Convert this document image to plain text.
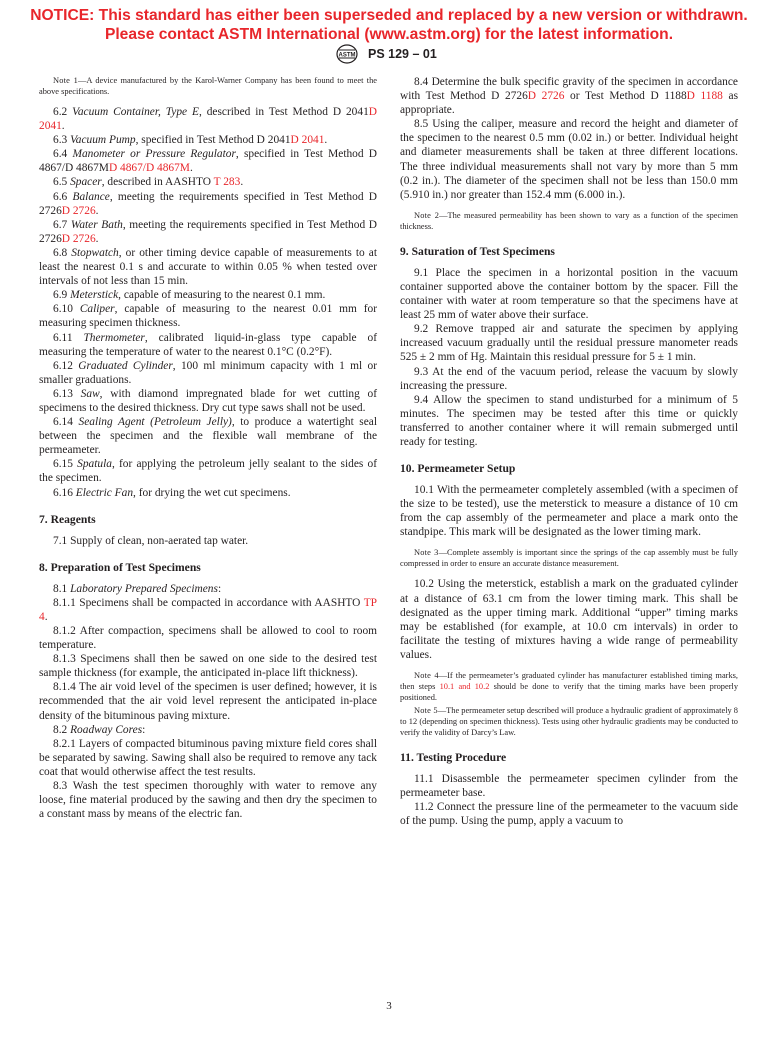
NOTICE: This standard has either been superseded and replaced by a new version or withdrawn.
Please contact ASTM International (www.astm.org) for the latest information.
ASTM PS 129 – 01

Note 1—A device manufactured by the Karol-Warner Company has been found to meet the above specifications.

6.2 Vacuum Container, Type E, described in Test Method D 2041D 2041.

6.3 Vacuum Pump, specified in Test Method D 2041D 2041.

6.4 Manometer or Pressure Regulator, specified in Test Method D 4867/D 4867MD 4867/D 4867M.

6.5 Spacer, described in AASHTO T 283.

6.6 Balance, meeting the requirements specified in Test Method D 2726D 2726.

6.7 Water Bath, meeting the requirements specified in Test Method D 2726D 2726.

6.8 Stopwatch, or other timing device capable of measurements to at least the nearest 0.1 s and accurate to within 0.05 % when tested over intervals of not less than 15 min.

6.9 Meterstick, capable of measuring to the nearest 0.1 mm.

6.10 Caliper, capable of measuring to the nearest 0.01 mm for measuring specimen thickness.

6.11 Thermometer, calibrated liquid-in-glass type capable of measuring the temperature of water to the nearest 0.1°C (0.2°F).

6.12 Graduated Cylinder, 100 ml minimum capacity with 1 ml or smaller graduations.

6.13 Saw, with diamond impregnated blade for wet cutting of specimens to the desired thickness. Dry cut type saws shall not be used.

6.14 Sealing Agent (Petroleum Jelly), to produce a watertight seal between the specimen and the flexible wall membrane of the permeameter.

6.15 Spatula, for applying the petroleum jelly sealant to the sides of the specimen.

6.16 Electric Fan, for drying the wet cut specimens.

7. Reagents

7.1 Supply of clean, non-aerated tap water.

8. Preparation of Test Specimens

8.1 Laboratory Prepared Specimens:

8.1.1 Specimens shall be compacted in accordance with AASHTO TP 4.

8.1.2 After compaction, specimens shall be allowed to cool to room temperature.

8.1.3 Specimens shall then be sawed on one side to the desired test sample thickness (for example, the anticipated in-place lift thickness).

8.1.4 The air void level of the specimen is user defined; however, it is recommended that the air void level represent the anticipated in-place density of the bituminous paving mixture.

8.2 Roadway Cores:

8.2.1 Layers of compacted bituminous paving mixture field cores shall be separated by sawing. Sawing shall also be required to remove any tack coat that would otherwise affect the test results.

8.3 Wash the test specimen thoroughly with water to remove any loose, fine material produced by the sawing and then dry the specimen to a constant mass by means of the electric fan.

8.4 Determine the bulk specific gravity of the specimen in accordance with Test Method D 2726D 2726 or Test Method D 1188D 1188 as appropriate.

8.5 Using the caliper, measure and record the height and diameter of the specimen to the nearest 0.5 mm (0.02 in.) or better. Individual height and diameter measurements shall be taken at three different locations. The three individual measurements shall not vary by more than 5 mm (0.2 in.). The diameter of the specimen shall not be less than 150.0 mm (5.910 in.) nor greater than 152.4 mm (6.000 in.).

Note 2—The measured permeability has been shown to vary as a function of the specimen thickness.

9. Saturation of Test Specimens

9.1 Place the specimen in a horizontal position in the vacuum container supported above the container bottom by the spacer. Fill the container with water at room temperature so that the specimens have at least 25 mm of water above their surface.

9.2 Remove trapped air and saturate the specimen by applying increased vacuum gradually until the residual pressure manometer reads 525 ± 2 mm of Hg. Maintain this residual pressure for 5 ± 1 min.

9.3 At the end of the vacuum period, release the vacuum by slowly increasing the pressure.

9.4 Allow the specimen to stand undisturbed for a minimum of 5 minutes. The specimen may be tested after this time or quickly transferred to another container where it will remain submerged until ready for testing.

10. Permeameter Setup

10.1 With the permeameter completely assembled (with a specimen of the size to be tested), use the meterstick to measure a distance of 10 cm from the cap assembly of the permeameter and place a mark onto the standpipe. This mark will be designated as the lower timing mark.

Note 3—Complete assembly is important since the springs of the cap assembly must be fully compressed in order to ensure an accurate distance measurement.

10.2 Using the meterstick, establish a mark on the graduated cylinder at a distance of 63.1 cm from the lower timing mark. This shall be designated as the upper timing mark. Additional “upper” timing marks may be established (for example, at 10.0 cm intervals) in order to facilitate the testing of mixtures having a wide range of permeability values.

Note 4—If the permeameter’s graduated cylinder has manufacturer established timing marks, then steps 10.1 and 10.2 should be done to verify that the timing marks have been properly positioned.

Note 5—The permeameter setup described will produce a hydraulic gradient of approximately 8 to 12 (depending on specimen thickness). Tests using other hydraulic gradients may be conducted to verify the validity of Darcy’s Law.

11. Testing Procedure

11.1 Disassemble the permeameter specimen cylinder from the permeameter base.

11.2 Connect the pressure line of the permeameter to the vacuum side of the pump. Using the pump, apply a vacuum to

3
